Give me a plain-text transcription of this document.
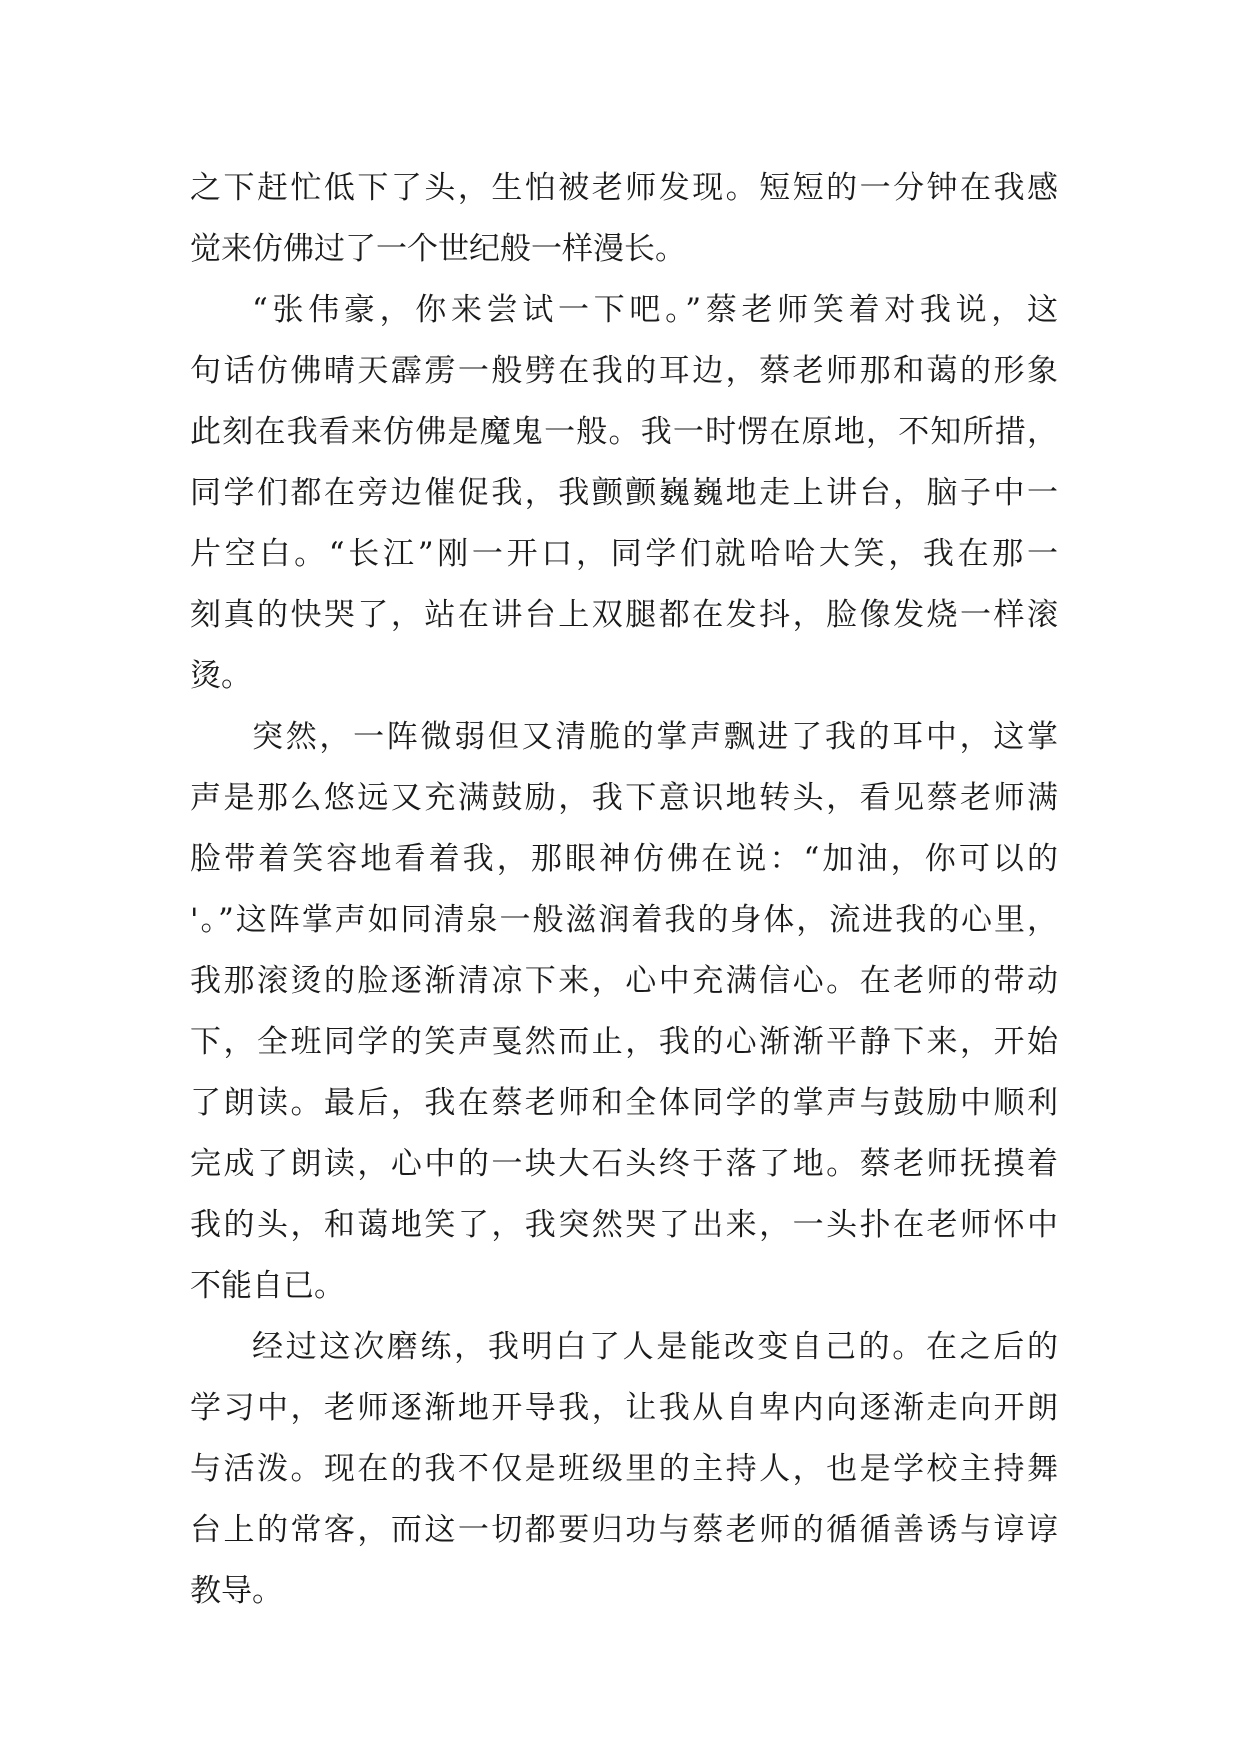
之下赶忙低下了头，生怕被老师发现。短短的一分钟在我感
觉来仿佛过了一个世纪般一样漫长。
“张伟豪，你来尝试一下吧。”蔡老师笑着对我说，这
句话仿佛晴天霹雳一般劈在我的耳边，蔡老师那和蔼的形象
此刻在我看来仿佛是魔鬼一般。我一时愣在原地，不知所措，
同学们都在旁边催促我，我颤颤巍巍地走上讲台，脑子中一
片空白。“长江”刚一开口，同学们就哈哈大笑，我在那一
刻真的快哭了，站在讲台上双腿都在发抖，脸像发烧一样滚
烫。
突然，一阵微弱但又清脆的掌声飘进了我的耳中，这掌
声是那么悠远又充满鼓励，我下意识地转头，看见蔡老师满
脸带着笑容地看着我，那眼神仿佛在说：“加油，你可以的
'。”这阵掌声如同清泉一般滋润着我的身体，流进我的心里，
我那滚烫的脸逐渐清凉下来，心中充满信心。在老师的带动
下，全班同学的笑声戛然而止，我的心渐渐平静下来，开始
了朗读。最后，我在蔡老师和全体同学的掌声与鼓励中顺利
完成了朗读，心中的一块大石头终于落了地。蔡老师抚摸着
我的头，和蔼地笑了，我突然哭了出来，一头扑在老师怀中
不能自已。
经过这次磨练，我明白了人是能改变自己的。在之后的
学习中，老师逐渐地开导我，让我从自卑内向逐渐走向开朗
与活泼。现在的我不仅是班级里的主持人，也是学校主持舞
台上的常客，而这一切都要归功与蔡老师的循循善诱与谆谆
教导。
